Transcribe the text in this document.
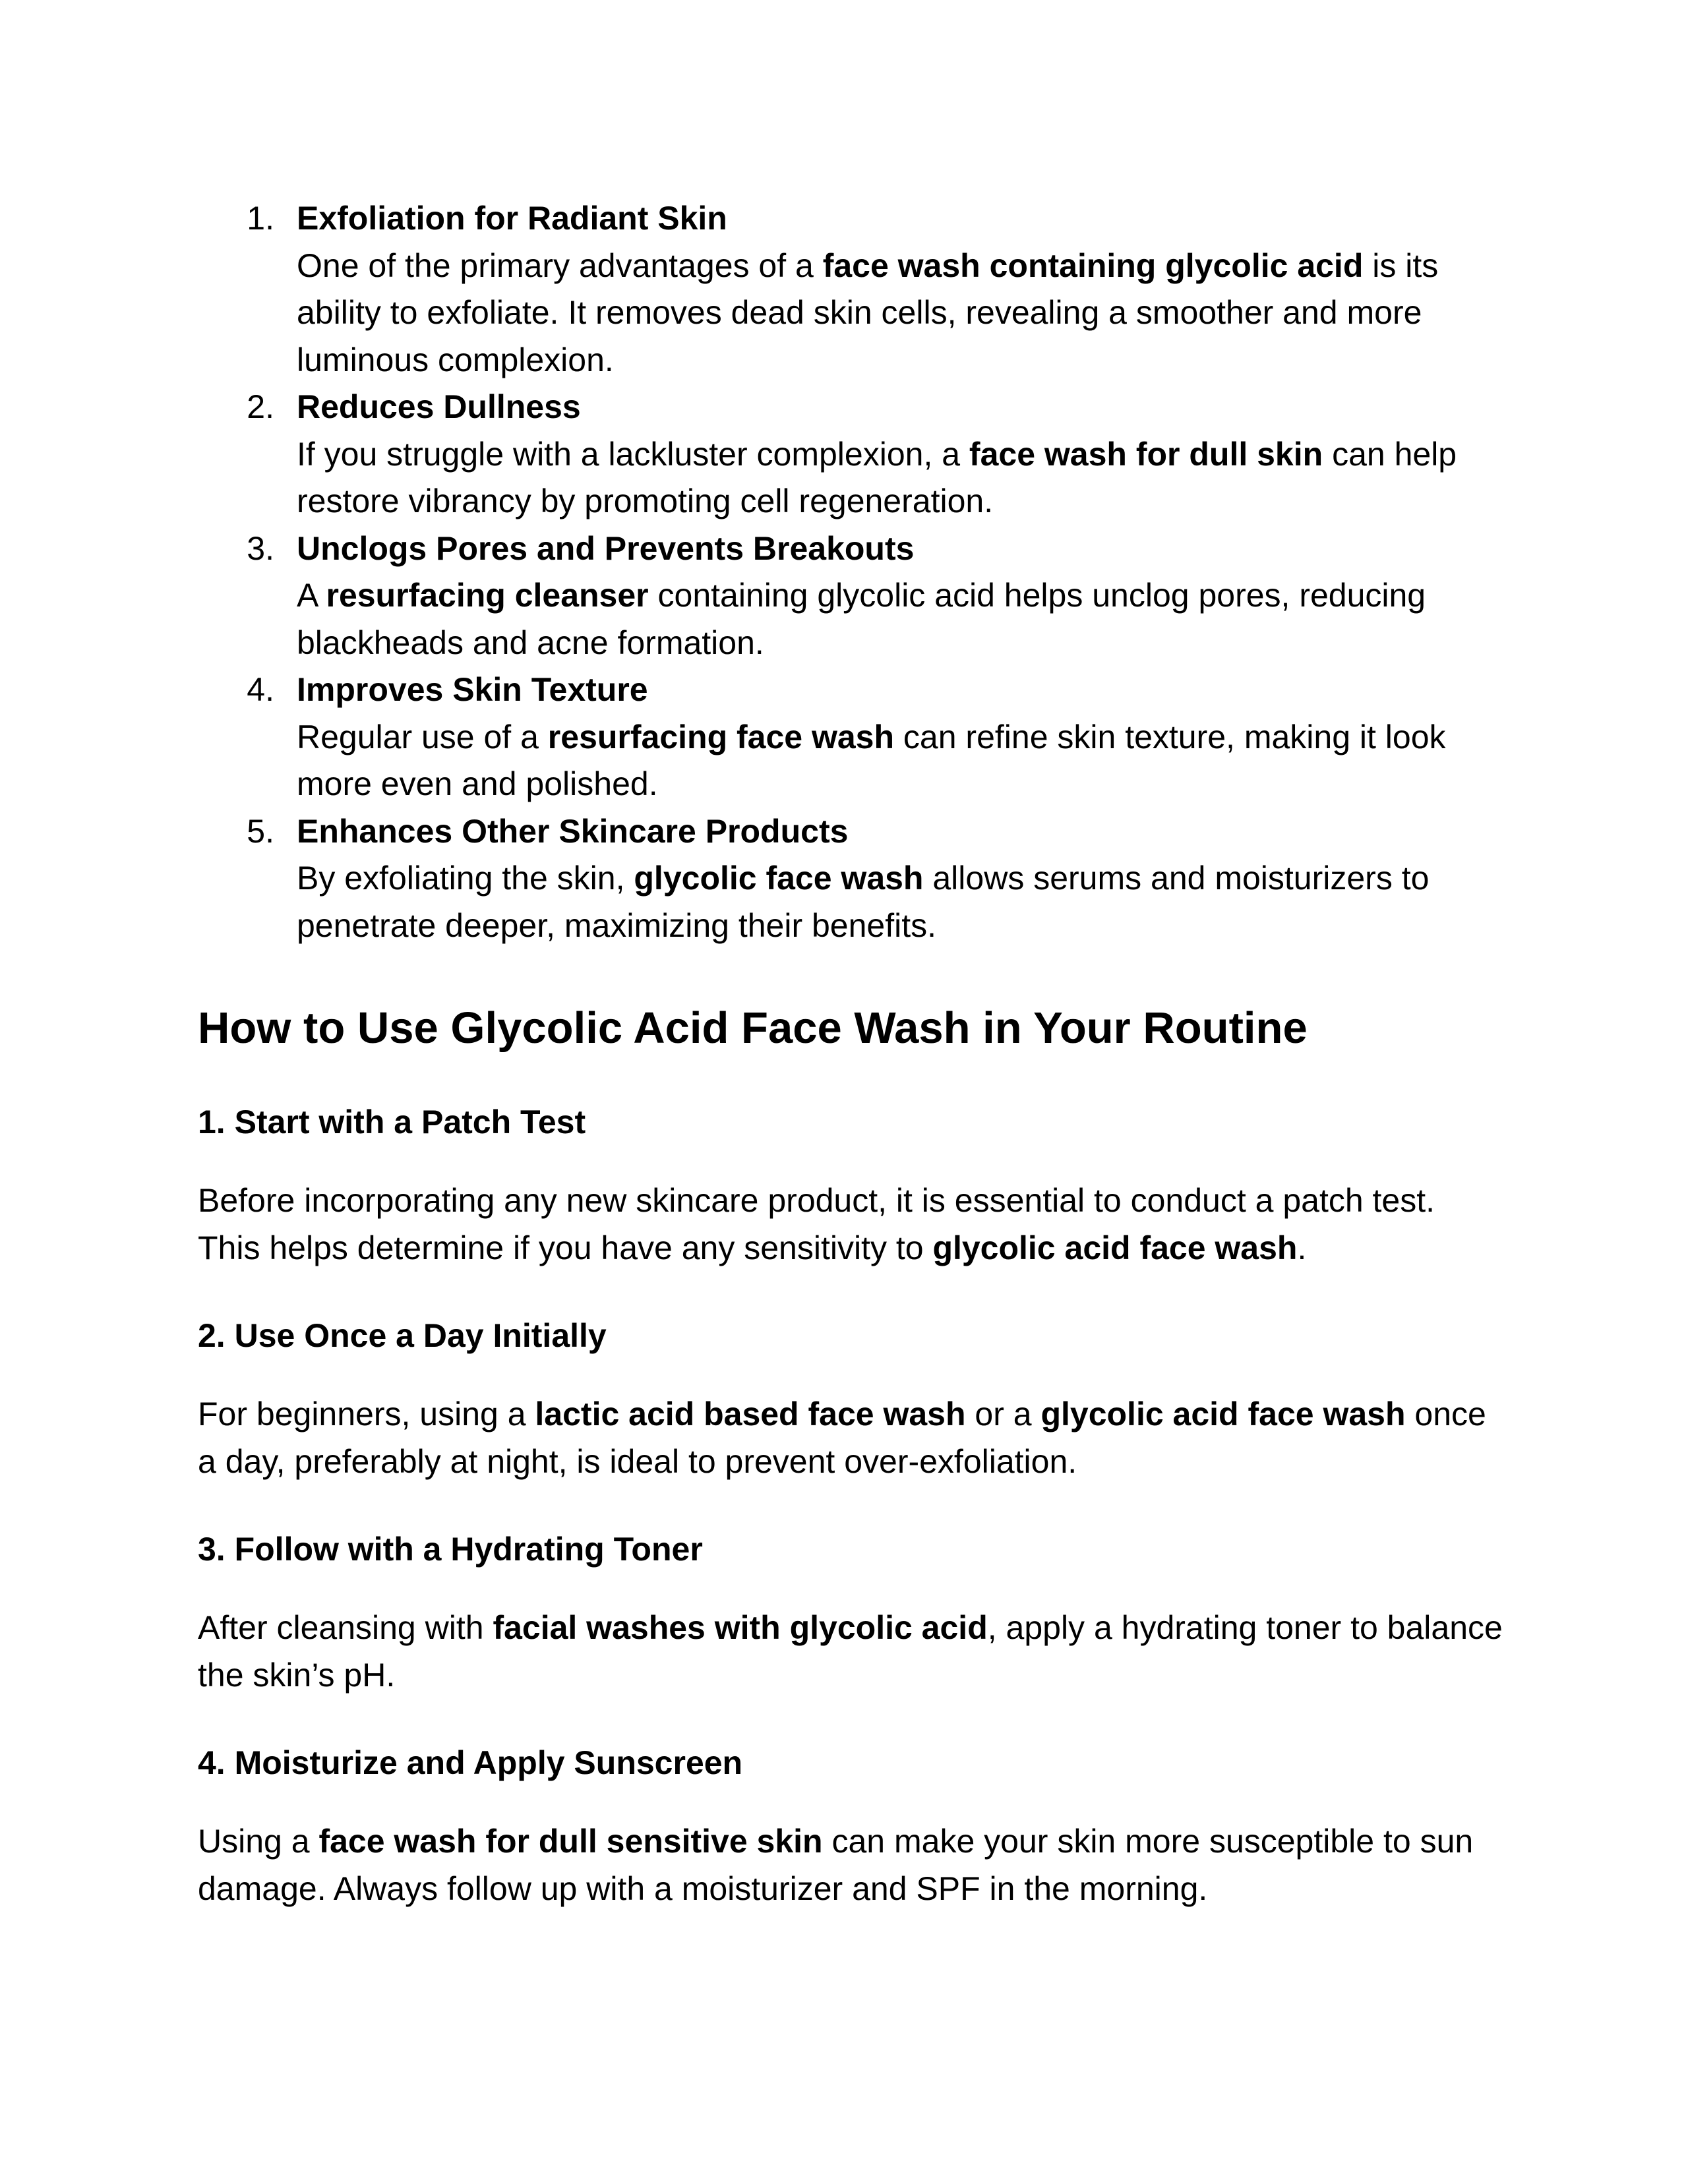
1. Exfoliation for Radiant Skin
One of the primary advantages of a face wash containing glycolic acid is its ability to exfoliate. It removes dead skin cells, revealing a smoother and more luminous complexion.
2. Reduces Dullness
If you struggle with a lackluster complexion, a face wash for dull skin can help restore vibrancy by promoting cell regeneration.
3. Unclogs Pores and Prevents Breakouts
A resurfacing cleanser containing glycolic acid helps unclog pores, reducing blackheads and acne formation.
4. Improves Skin Texture
Regular use of a resurfacing face wash can refine skin texture, making it look more even and polished.
5. Enhances Other Skincare Products
By exfoliating the skin, glycolic face wash allows serums and moisturizers to penetrate deeper, maximizing their benefits.
How to Use Glycolic Acid Face Wash in Your Routine
1. Start with a Patch Test

Before incorporating any new skincare product, it is essential to conduct a patch test. This helps determine if you have any sensitivity to glycolic acid face wash.

2. Use Once a Day Initially

For beginners, using a lactic acid based face wash or a glycolic acid face wash once a day, preferably at night, is ideal to prevent over-exfoliation.

3. Follow with a Hydrating Toner

After cleansing with facial washes with glycolic acid, apply a hydrating toner to balance the skin’s pH.

4. Moisturize and Apply Sunscreen

Using a face wash for dull sensitive skin can make your skin more susceptible to sun damage. Always follow up with a moisturizer and SPF in the morning.
